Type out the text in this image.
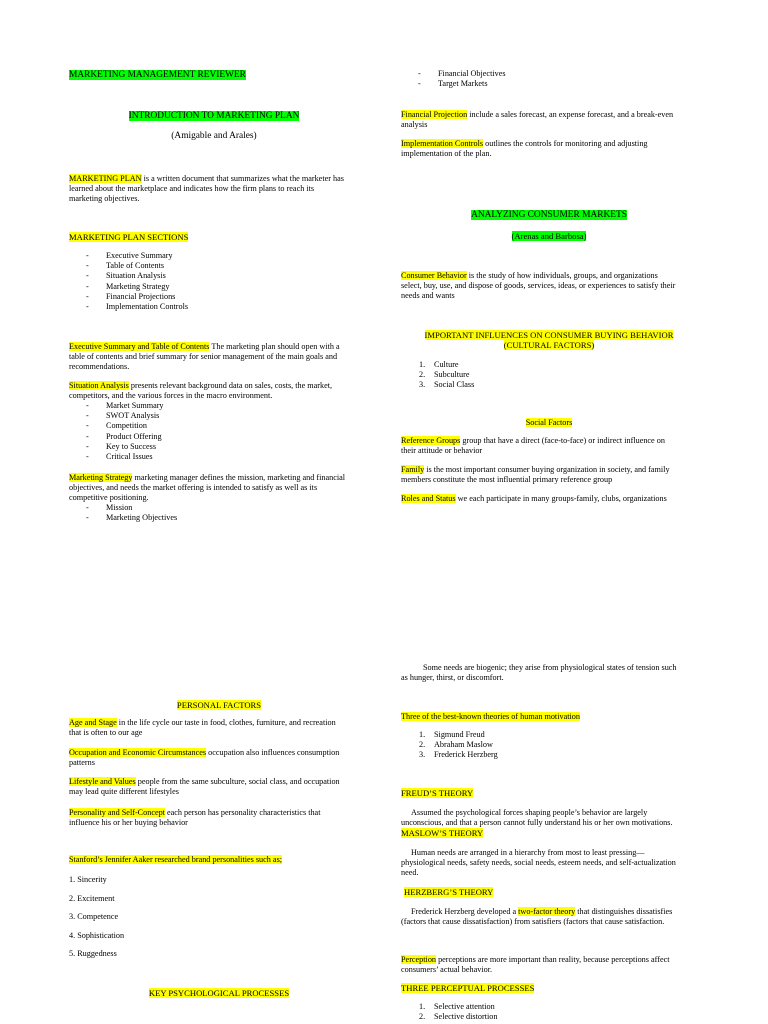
MARKETING MANAGEMENT REVIEWER
INTRODUCTION TO MARKETING PLAN
(Amigable and Arales)
MARKETING PLAN is a written document that summarizes what the marketer has
learned about the marketplace and indicates how the firm plans to reach its
marketing objectives.
MARKETING PLAN SECTIONS
-	Executive Summary
-	Table of Contents
-	Situation Analysis
-	Marketing Strategy
-	Financial Projections
-	Implementation Controls
Executive Summary and Table of Contents The marketing plan should open with a
table of contents and brief summary for senior management of the main goals and
recommendations.
Situation Analysis presents relevant background data on sales, costs, the market,
competitors, and the various forces in the macro environment.
-	Market Summary
-	SWOT Analysis
-	Competition
-	Product Offering
-	Key to Success
-	Critical Issues
Marketing Strategy marketing manager defines the mission, marketing and financial
objectives, and needs the market offering is intended to satisfy as well as its
competitive positioning.
-	Mission
-	Marketing Objectives
-	Financial Objectives
-	Target Markets
Financial Projection include a sales forecast, an expense forecast, and a break-even
analysis
Implementation Controls outlines the controls for monitoring and adjusting
implementation of the plan.
ANALYZING CONSUMER MARKETS
(Arenas and Barbosa)
Consumer Behavior is the study of how individuals, groups, and organizations
select, buy, use, and dispose of goods, services, ideas, or experiences to satisfy their
needs and wants
IMPORTANT INFLUENCES ON CONSUMER BUYING BEHAVIOR
(CULTURAL FACTORS)
1.	Culture
2.	Subculture
3.	Social Class
Social Factors
Reference Groups group that have a direct (face-to-face) or indirect influence on
their attitude or behavior
Family is the most important consumer buying organization in society, and family
members constitute the most influential primary reference group
Roles and Status we each participate in many groups-family, clubs, organizations
PERSONAL FACTORS
Age and Stage in the life cycle our taste in food, clothes, furniture, and recreation
that is often to our age
Occupation and Economic Circumstances occupation also influences consumption
patterns
Lifestyle and Values people from the same subculture, social class, and occupation
may lead quite different lifestyles
Personality and Self-Concept each person has personality characteristics that
influence his or her buying behavior
Stanford’s Jennifer Aaker researched brand personalities such as;
1. Sincerity
2. Excitement
3. Competence
4. Sophistication
5. Ruggedness
KEY PSYCHOLOGICAL PROCESSES
Some needs are biogenic; they arise from physiological states of tension such
as hunger, thirst, or discomfort.
Three of the best-known theories of human motivation
1.	Sigmund Freud
2.	Abraham Maslow
3.	Frederick Herzberg
FREUD’S THEORY
Assumed the psychological forces shaping people’s behavior are largely
unconscious, and that a person cannot fully understand his or her own motivations.
MASLOW’S THEORY
Human needs are arranged in a hierarchy from most to least pressing—
physiological needs, safety needs, social needs, esteem needs, and self-actualization
need.
HERZBERG’S THEORY
Frederick Herzberg developed a two-factor theory that distinguishes dissatisfies
(factors that cause dissatisfaction) from satisfiers (factors that cause satisfaction.
Perception perceptions are more important than reality, because perceptions affect
consumers’ actual behavior.
THREE PERCEPTUAL PROCESSES
1.	Selective attention
2.	Selective distortion
